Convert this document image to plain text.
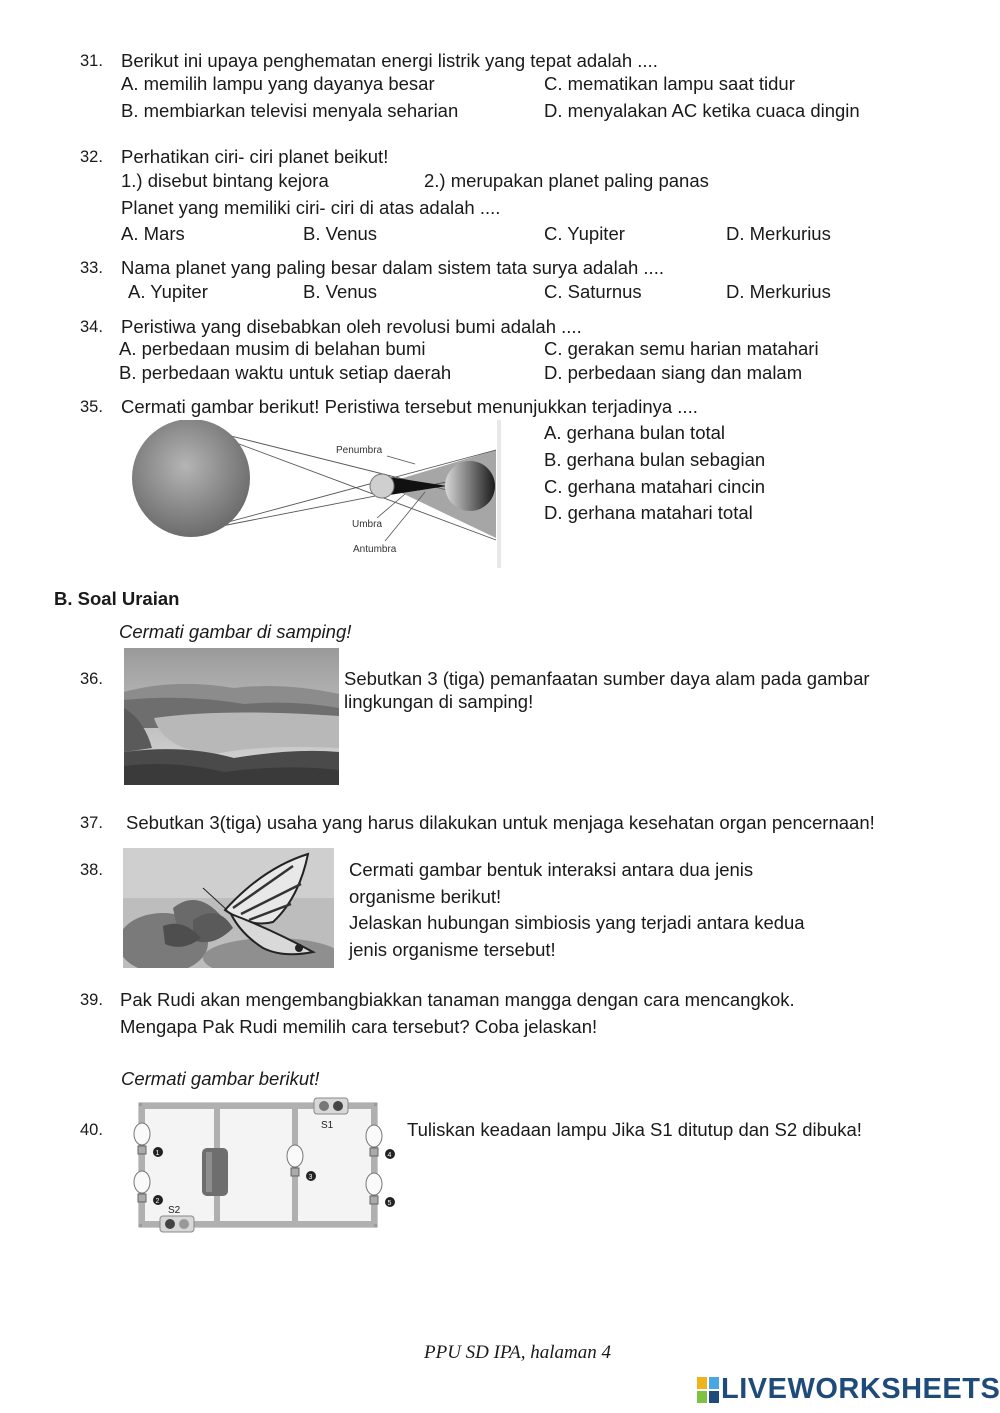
31. Berikut ini upaya penghematan energi listrik yang tepat adalah ....
A. memilih lampu yang dayanya besar
B. membiarkan televisi menyala seharian
C. mematikan lampu saat tidur
D. menyalakan AC ketika cuaca dingin
32. Perhatikan ciri- ciri planet beikut!
1.) disebut bintang kejora	2.) merupakan planet paling panas
Planet yang memiliki ciri- ciri di atas adalah ....
A. Mars	B. Venus	C. Yupiter	D. Merkurius
33. Nama planet yang paling besar dalam sistem tata surya adalah ....
A. Yupiter	B. Venus	C. Saturnus	D. Merkurius
34. Peristiwa yang disebabkan oleh revolusi bumi adalah ....
A. perbedaan musim di belahan bumi
B. perbedaan waktu untuk setiap daerah
C. gerakan semu harian matahari
D. perbedaan siang dan malam
35. Cermati gambar berikut! Peristiwa tersebut menunjukkan terjadinya ....
A. gerhana bulan total
B. gerhana bulan sebagian
C. gerhana matahari cincin
D. gerhana matahari total
Penumbra
Umbra
Antumbra
B. Soal Uraian
Cermati gambar di samping!
36.	Sebutkan 3 (tiga) pemanfaatan sumber daya alam pada gambar
lingkungan di samping!
37. Sebutkan 3(tiga) usaha yang harus dilakukan untuk menjaga kesehatan organ pencernaan!
38.	Cermati gambar bentuk interaksi antara dua jenis
organisme berikut!
Jelaskan hubungan simbiosis yang terjadi antara kedua
jenis organisme tersebut!
39. Pak Rudi akan mengembangbiakkan tanaman mangga dengan cara mencangkok.
Mengapa Pak Rudi memilih cara tersebut? Coba jelaskan!
Cermati gambar berikut!
40.	S1
S2
1
2
3
4
5
Tuliskan keadaan lampu Jika S1 ditutup dan S2 dibuka!
PPU SD IPA, halaman 4
LIVEWORKSHEETS
